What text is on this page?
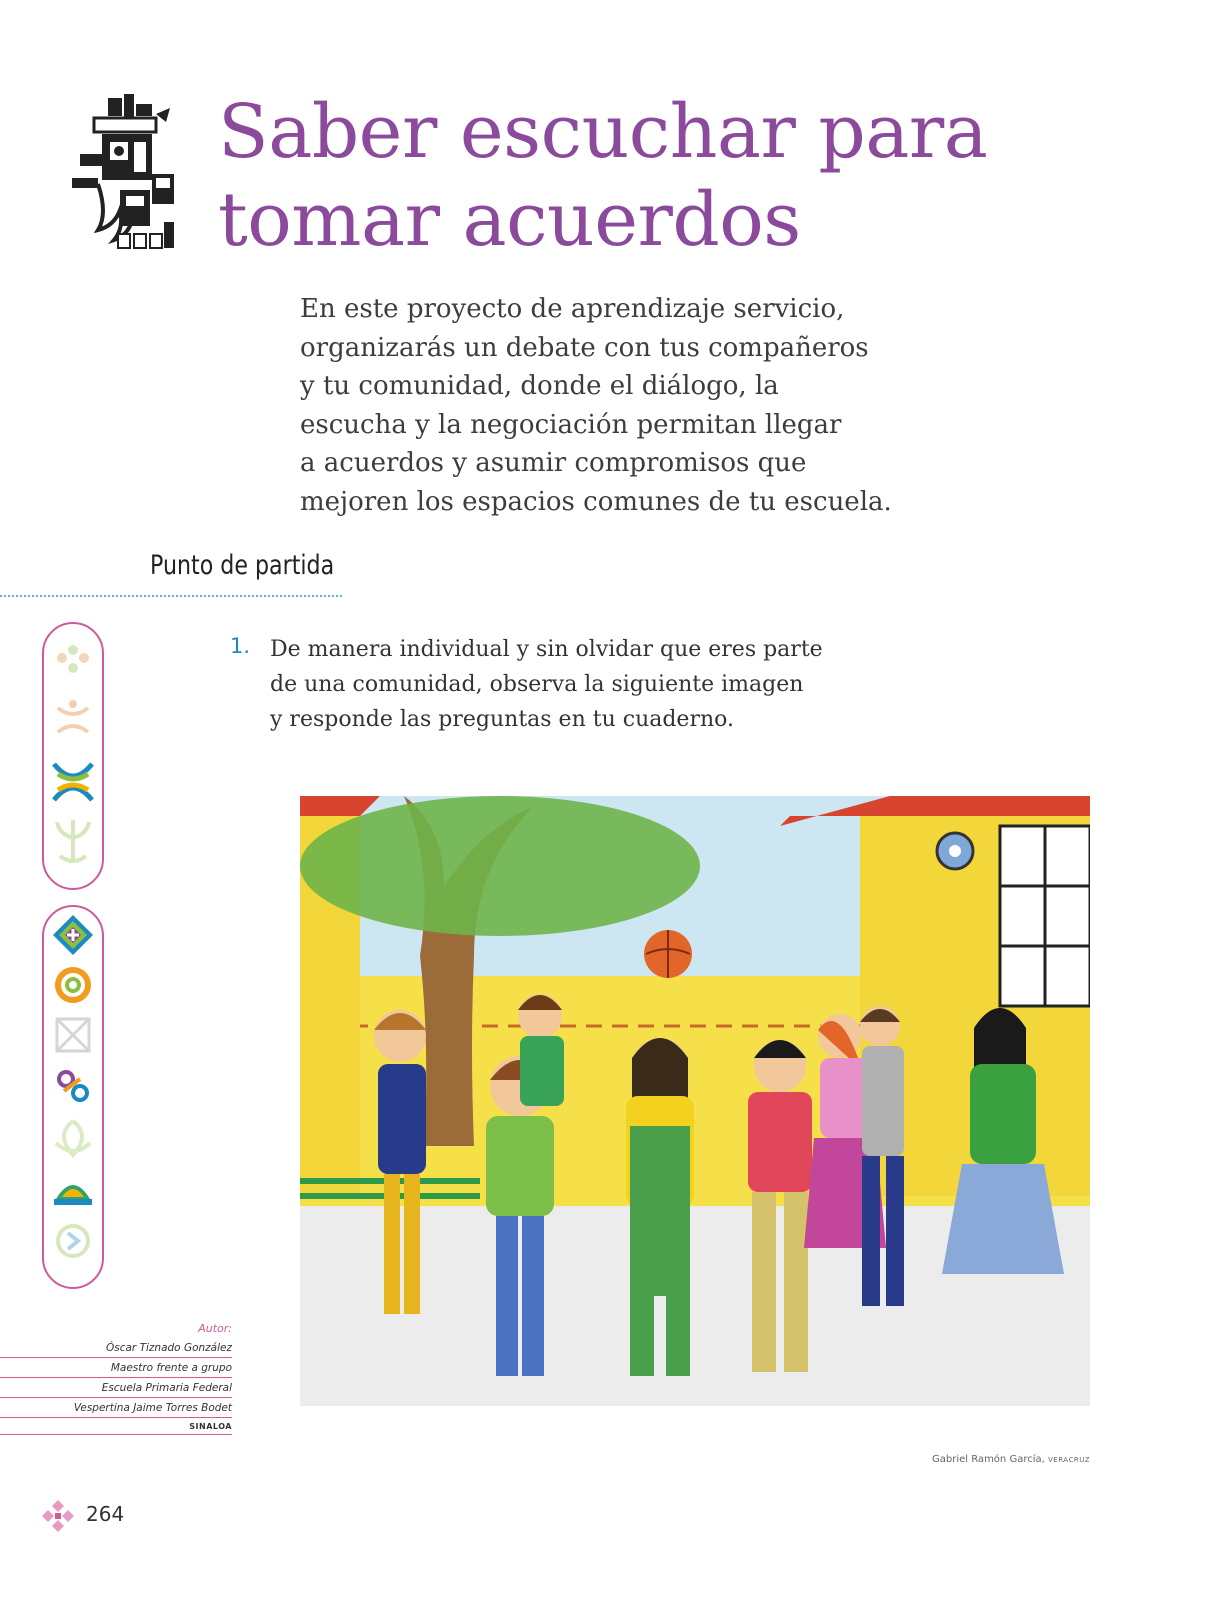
Saber escuchar para
tomar acuerdos

En este proyecto de aprendizaje servicio,
organizarás un debate con tus compañeros
y tu comunidad, donde el diálogo, la
escucha y la negociación permitan llegar
a acuerdos y asumir compromisos que
mejoren los espacios comunes de tu escuela.

Punto de partida
1. De manera individual y sin olvidar que eres parte
de una comunidad, observa la siguiente imagen
y responde las preguntas en tu cuaderno.

Gabriel Ramón García, VERACRUZ
Autor:
Óscar Tiznado González
Maestro frente a grupo
Escuela Primaria Federal
Vespertina Jaime Torres Bodet
SINALOA
264
